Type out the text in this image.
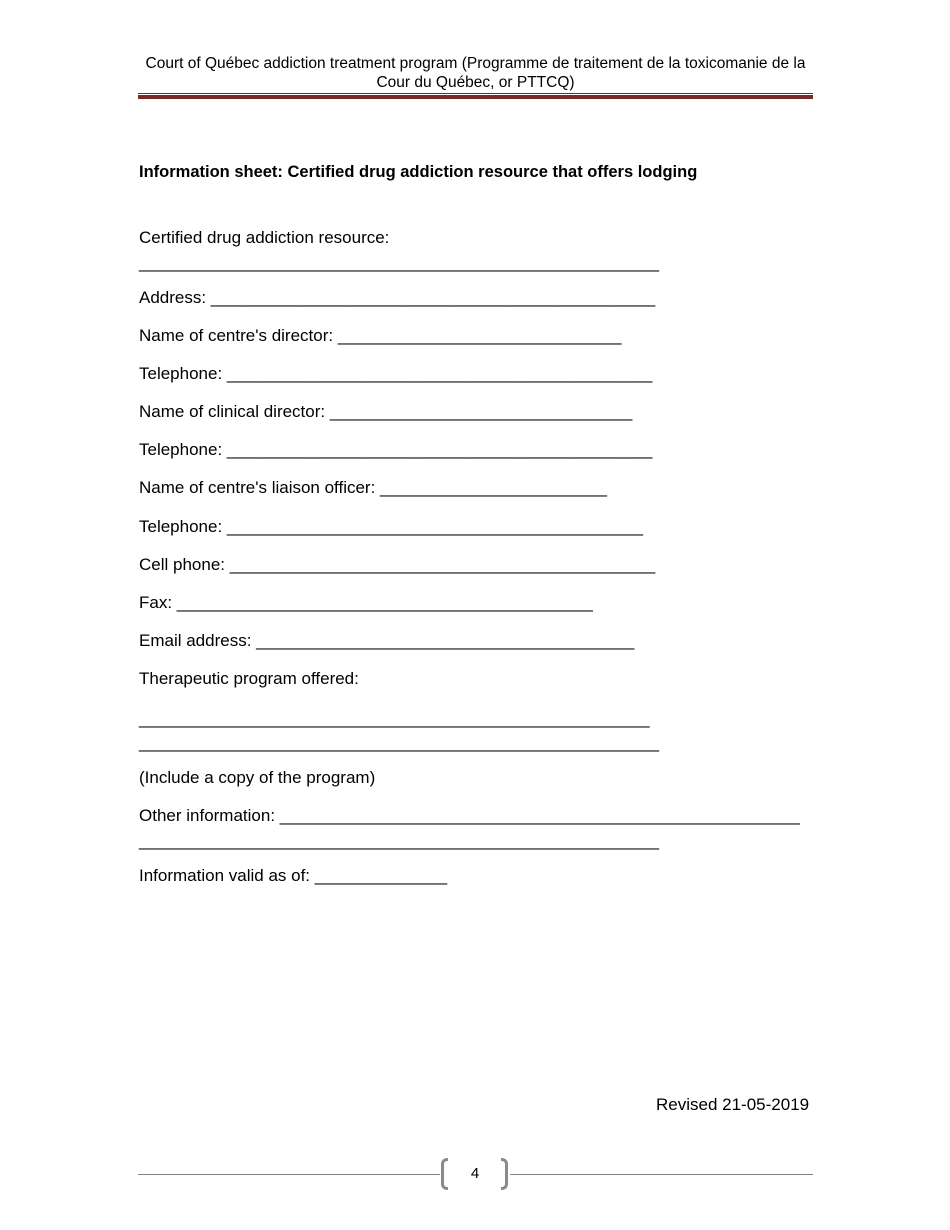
Court of Québec addiction treatment program (Programme de traitement de la toxicomanie de la Cour du Québec, or PTTCQ)
Information sheet: Certified drug addiction resource that offers lodging
Certified drug addiction resource:
_______________________________________________________
Address: _______________________________________________
Name of centre's director: ______________________________
Telephone: _____________________________________________
Name of clinical director: ________________________________
Telephone: _____________________________________________
Name of centre's liaison officer: ________________________
Telephone: ____________________________________________
Cell phone: _____________________________________________
Fax: ____________________________________________
Email address: ________________________________________
Therapeutic program offered:
______________________________________________________
_______________________________________________________
(Include a copy of the program)
Other information: _______________________________________________________
_______________________________________________________
Information valid as of: ______________
Revised 21-05-2019
4
